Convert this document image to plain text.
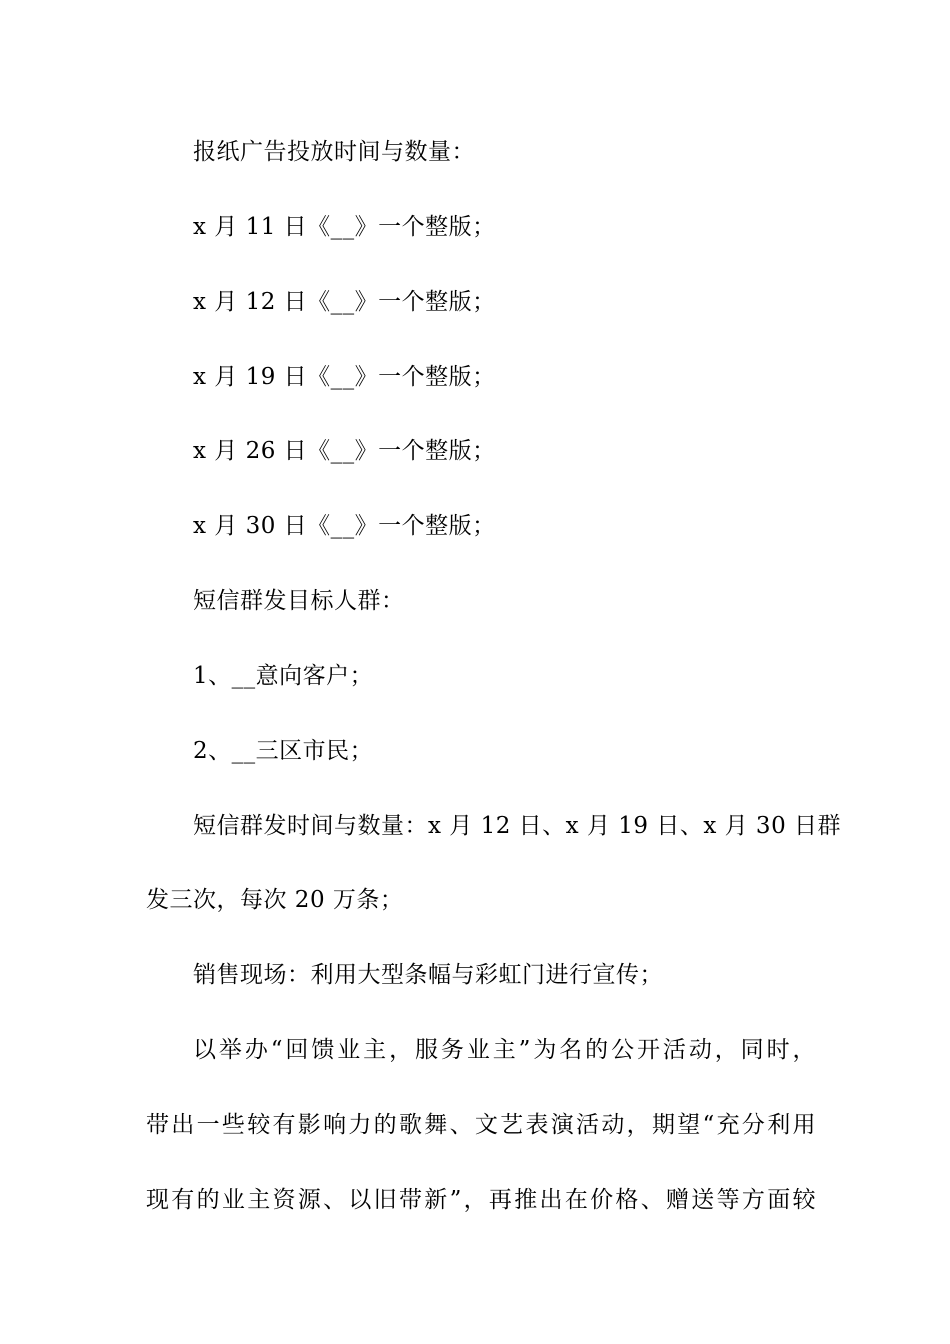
报纸广告投放时间与数量：
x 月 11 日《__》一个整版；
x 月 12 日《__》一个整版；
x 月 19 日《__》一个整版；
x 月 26 日《__》一个整版；
x 月 30 日《__》一个整版；
短信群发目标人群：
1、__意向客户；
2、__三区市民；
短信群发时间与数量：x 月 12 日、x 月 19 日、x 月 30 日群
发三次，每次 20 万条；
销售现场：利用大型条幅与彩虹门进行宣传；
以举办“回馈业主，服务业主”为名的公开活动，同时，
带出一些较有影响力的歌舞、文艺表演活动，期望“充分利用
现有的业主资源、以旧带新”，再推出在价格、赠送等方面较
